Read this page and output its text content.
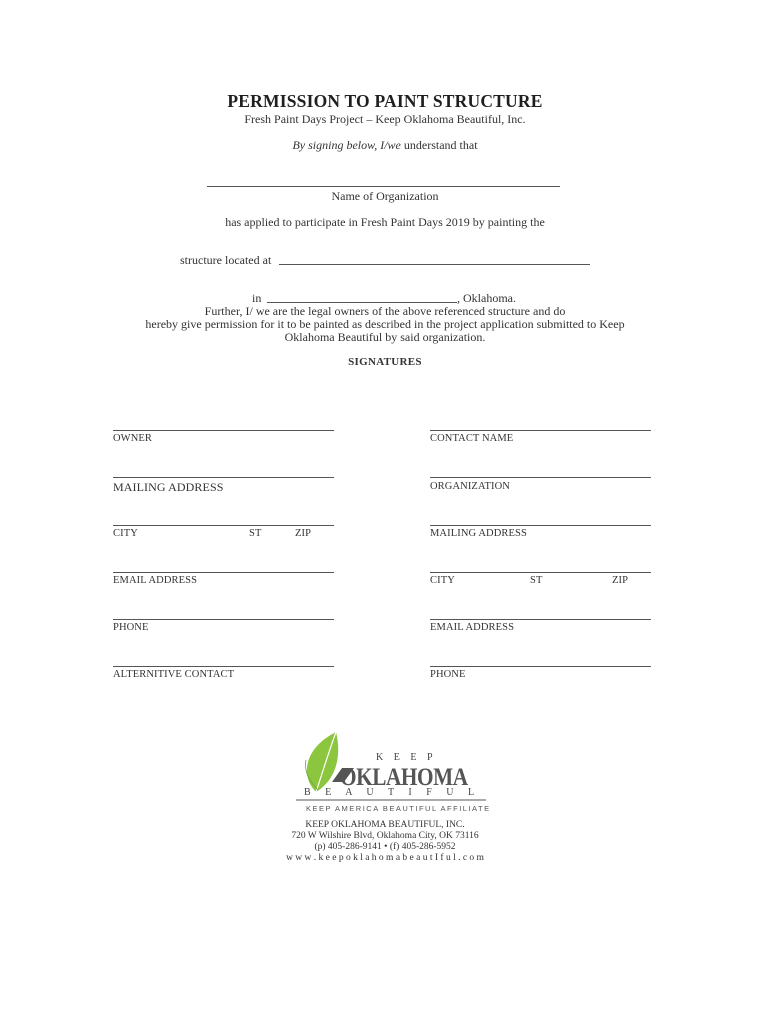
PERMISSION TO PAINT STRUCTURE
Fresh Paint Days Project – Keep Oklahoma Beautiful, Inc.
By signing below, I/we understand that
Name of Organization
has applied to participate in Fresh Paint Days 2019 by painting the
structure located at
in	, Oklahoma.
Further, I/ we are the legal owners of the above referenced structure and do
hereby give permission for it to be painted as described in the project application submitted to Keep
Oklahoma Beautiful by said organization.
SIGNATURES
OWNER
MAILING ADDRESS
CITY	ST	ZIP
EMAIL ADDRESS
PHONE
ALTERNITIVE CONTACT
CONTACT NAME
ORGANIZATION
MAILING ADDRESS
CITY	ST	ZIP
EMAIL ADDRESS
PHONE
K E E P
OKLAHOMA
B E A U T I F U L
KEEP AMERICA BEAUTIFUL AFFILIATE
KEEP OKLAHOMA BEAUTIFUL, INC.
720 W Wilshire Blvd, Oklahoma City, OK 73116
(p) 405-286-9141 • (f) 405-286-5952
w w w . k e e p o k l a h o m a b e a u t I f u l . c o m
